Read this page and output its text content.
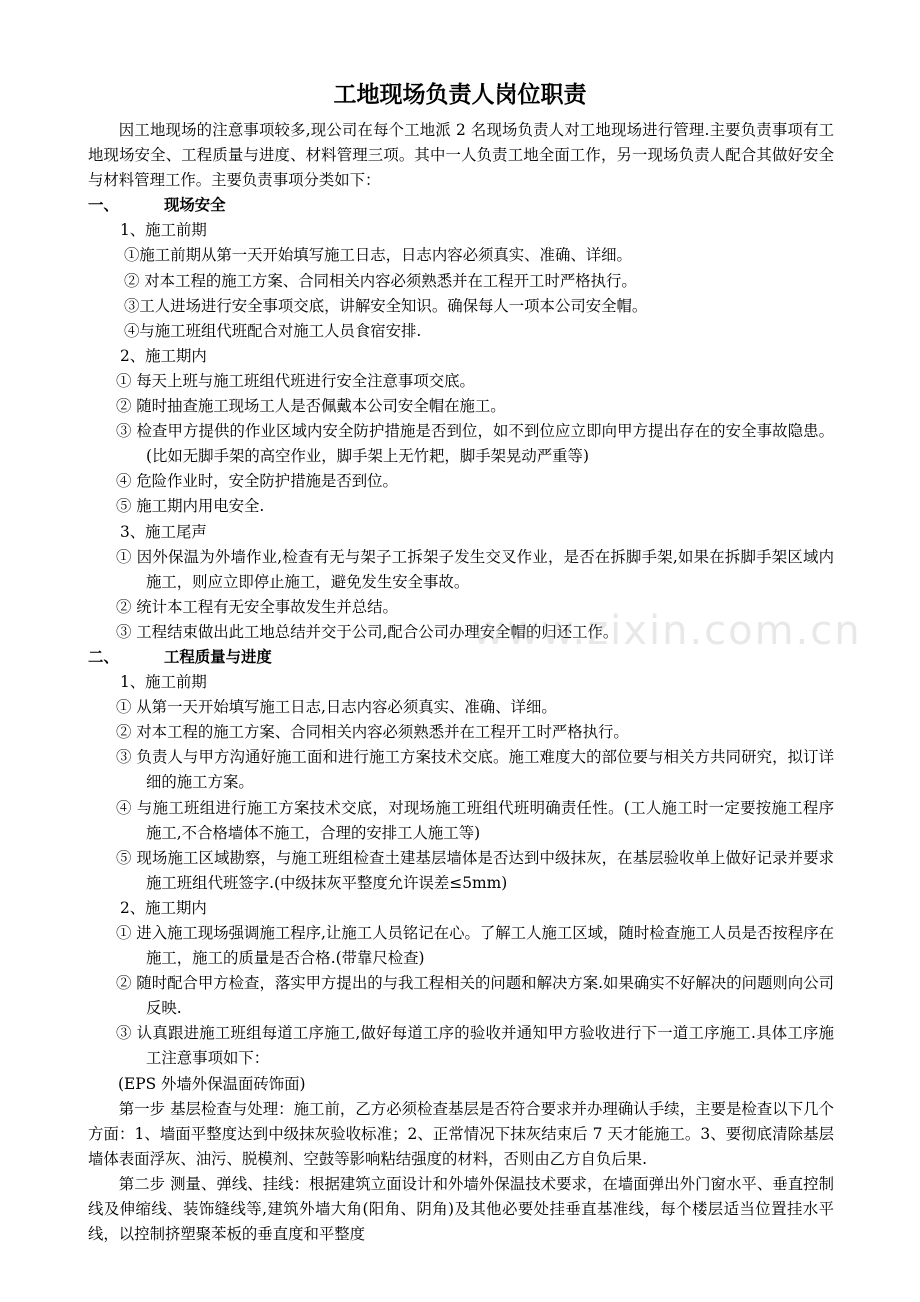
工地现场负责人岗位职责

因工地现场的注意事项较多,现公司在每个工地派 2 名现场负责人对工地现场进行管理.主要负责事项有工地现场安全、工程质量与进度、材料管理三项。其中一人负责工地全面工作，另一现场负责人配合其做好安全与材料管理工作。主要负责事项分类如下：

一、	现场安全

1、施工前期

①施工前期从第一天开始填写施工日志，日志内容必须真实、准确、详细。

② 对本工程的施工方案、合同相关内容必须熟悉并在工程开工时严格执行。

③工人进场进行安全事项交底，讲解安全知识。确保每人一项本公司安全帽。

④与施工班组代班配合对施工人员食宿安排.

2、施工期内

① 每天上班与施工班组代班进行安全注意事项交底。

② 随时抽查施工现场工人是否佩戴本公司安全帽在施工。

③ 检查甲方提供的作业区域内安全防护措施是否到位，如不到位应立即向甲方提出存在的安全事故隐患。(比如无脚手架的高空作业，脚手架上无竹耙，脚手架晃动严重等)

④ 危险作业时，安全防护措施是否到位。

⑤ 施工期内用电安全.

3、施工尾声

① 因外保温为外墙作业,检查有无与架子工拆架子发生交叉作业，是否在拆脚手架,如果在拆脚手架区域内施工，则应立即停止施工，避免发生安全事故。

② 统计本工程有无安全事故发生并总结。

③ 工程结束做出此工地总结并交于公司,配合公司办理安全帽的归还工作。

二、	工程质量与进度

1、施工前期

① 从第一天开始填写施工日志,日志内容必须真实、准确、详细。

② 对本工程的施工方案、合同相关内容必须熟悉并在工程开工时严格执行。

③ 负责人与甲方沟通好施工面和进行施工方案技术交底。施工难度大的部位要与相关方共同研究，拟订详细的施工方案。

④ 与施工班组进行施工方案技术交底，对现场施工班组代班明确责任性。(工人施工时一定要按施工程序施工,不合格墙体不施工，合理的安排工人施工等)

⑤ 现场施工区域勘察，与施工班组检查土建基层墙体是否达到中级抹灰，在基层验收单上做好记录并要求施工班组代班签字.(中级抹灰平整度允许误差≤5mm)

2、施工期内

① 进入施工现场强调施工程序,让施工人员铭记在心。了解工人施工区域，随时检查施工人员是否按程序在施工，施工的质量是否合格.(带靠尺检查)

② 随时配合甲方检查，落实甲方提出的与我工程相关的问题和解决方案.如果确实不好解决的问题则向公司反映.

③ 认真跟进施工班组每道工序施工,做好每道工序的验收并通知甲方验收进行下一道工序施工.具体工序施工注意事项如下：

(EPS 外墙外保温面砖饰面)

第一步 基层检查与处理：施工前，乙方必须检查基层是否符合要求并办理确认手续，主要是检查以下几个方面：1、墙面平整度达到中级抹灰验收标准；2、正常情况下抹灰结束后 7 天才能施工。3、要彻底清除基层墙体表面浮灰、油污、脱模剂、空鼓等影响粘结强度的材料，否则由乙方自负后果.

第二步 测量、弹线、挂线：根据建筑立面设计和外墙外保温技术要求，在墙面弹出外门窗水平、垂直控制线及伸缩线、装饰缝线等,建筑外墙大角(阳角、阴角)及其他必要处挂垂直基准线，每个楼层适当位置挂水平线，以控制挤塑聚苯板的垂直度和平整度

www.zixin.com.cn
